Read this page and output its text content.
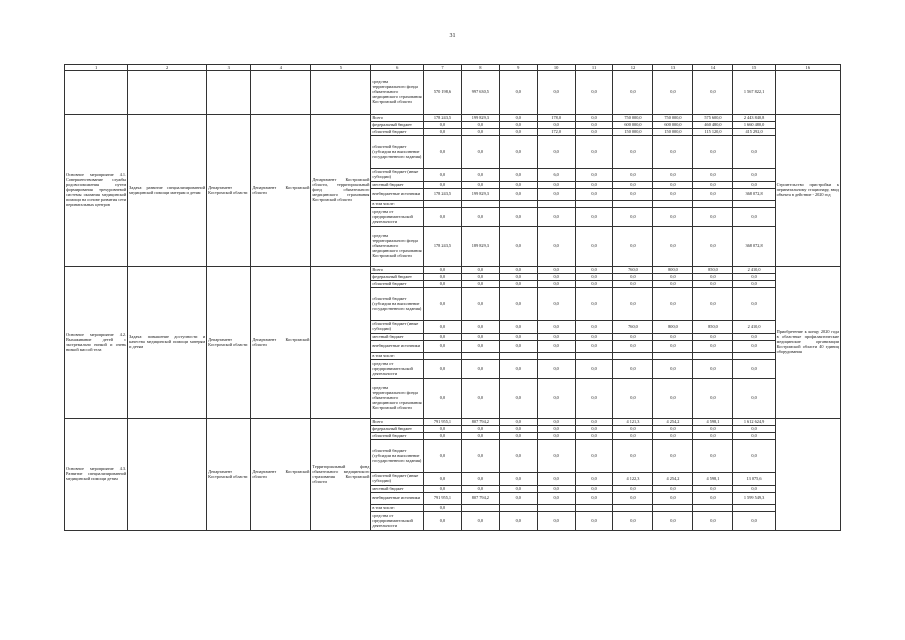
31
1	2	3	4	5	6	7	8	9	10	11	12	13	14	15	16
					средства территориального фонда обязательного медицинского страхования Костромской области	570 198,6	997 630,5	0,0	0,0	0,0	0,0	0,0	0,0	1 567 822,1	
Основное мероприятие 4.1. Совершенствование службы родовспоможения путем формирования трехуровневой системы оказания медицинской помощи на основе развития сети перинатальных центров	Задача: развитие специализированной медицинской помощи матерям и детям	Департамент Костромской области	Департамент Костромской области	Департамент Костромской области, территориальный фонд обязательного медицинского страхования Костромской области	Всего	178 243,5	199 829,3	0,0	178,0	0,0	750 000,0	750 000,0	575 600,0	2 443 840,8	Строительство пристройки к перинатальному стационару, ввод объекта в действие - 2020 год
					федеральный бюджет	0,0	0,0	0,0	0,0	0,0	600 000,0	600 000,0	460 480,0	1 660 480,0	
					областной бюджет	0,0	0,0	0,0	172,0	0,0	150 000,0	150 000,0	115 120,0	415 292,0	
					областной бюджет (субсидии на выполнение государственного задания)	0,0	0,0	0,0	0,0	0,0	0,0	0,0	0,0	0,0	
					областной бюджет (иные субсидии)	0,0	0,0	0,0	6,0	0,0	0,0	0,0	0,0	0,0	
					местный бюджет	0,0	0,0	0,0	0,0	0,0	0,0	0,0	0,0	0,0	
					внебюджетные источники	178 243,5	199 829,3	0,0	0,0	0,0	0,0	0,0	0,0	368 072,8	
					в том числе:										
					средства от предпринимательской деятельности	0,0	0,0	0,0	0,0	0,0	0,0	0,0	0,0	0,0	
					средства территориального фонда обязательного медицинского страхования Костромской области	178 243,5	189 829,3	0,0	0,0	0,0	0,0	0,0	0,0	368 072,8	
Основное мероприятие 4.2. Выхаживание детей с экстремально низкой и очень низкой массой тела	Задача: повышение доступности и качества медицинской помощи матерям и детям	Департамент Костромской области	Департамент Костромской области		Всего	0,0	0,0	0,0	0,0	0,0	760,0	800,0	850,0	2 410,0	Приобретение к концу 2020 года в областные профилактические медицинские организации Костромской области 40 единиц оборудования
					федеральный бюджет	0,0	0,0	0,0	0,0	0,0	0,0	0,0	0,0	0,0	
					областной бюджет	0,0	0,0	0,0	0,0	0,0	0,0	0,0	0,0	0,0	
					областной бюджет (субсидии на выполнение государственного задания)	0,0	0,0	0,0	0,0	0,0	0,0	0,0	0,0	0,0	
					областной бюджет (иные субсидии)	0,0	0,0	0,0	0,0	0,0	760,0	800,0	850,0	2 410,0	
					местный бюджет	0,0	0,0	0,0	0,0	0,0	0,0	0,0	0,0	0,0	
					внебюджетные источники	0,0	0,0	0,0	0,0	0,0	0,0	0,0	0,0	0,0	
					в том числе:										
					средства от предпринимательской деятельности	0,0	0,0	0,0	0,0	0,0	0,0	0,0	0,0	0,0	
					средства территориального фонда обязательного медицинского страхования Костромской области	0,0	0,0	0,0	0,0	0,0	0,0	0,0	0,0	0,0	
Основное мероприятие 4.3. Развитие специализированной медицинской помощи детям		Департамент Костромской области	Департамент Костромской области	Территориальный фонд обязательного медицинского страхования Костромской области	Всего	791 955,1	807 794,2	0,0	0,0	0,0	4 121,3	4 254,2	4 598,1	1 612 624,9	
					федеральный бюджет	0,0	0,0	0,0	0,0	0,0	0,0	0,0	0,0	0,0	
					областной бюджет	0,0	0,0	0,0	0,0	0,0	0,0	0,0	0,0	0,0	
					областной бюджет (субсидии на выполнение государственного задания)	0,0	0,0	0,0	0,0	0,0	0,0	0,0	0,0	0,0	
					областной бюджет (иные субсидии)	0,0	0,0	0,0	0,0	0,0	4 122,3	4 254,2	4 598,1	13 075,6	
					местный бюджет	0,0	0,0	0,0	0,0	0,0	0,0	0,0	0,0	0,0	
					внебюджетные источники	791 955,1	807 794,2	0,0	0,0	0,0	0,0	0,0	0,0	1 599 549,3	
					в том числе:	0,0									
					средства от предпринимательской деятельности	0,0	0,0	0,0	0,0	0,0	0,0	0,0	0,0	0,0	
